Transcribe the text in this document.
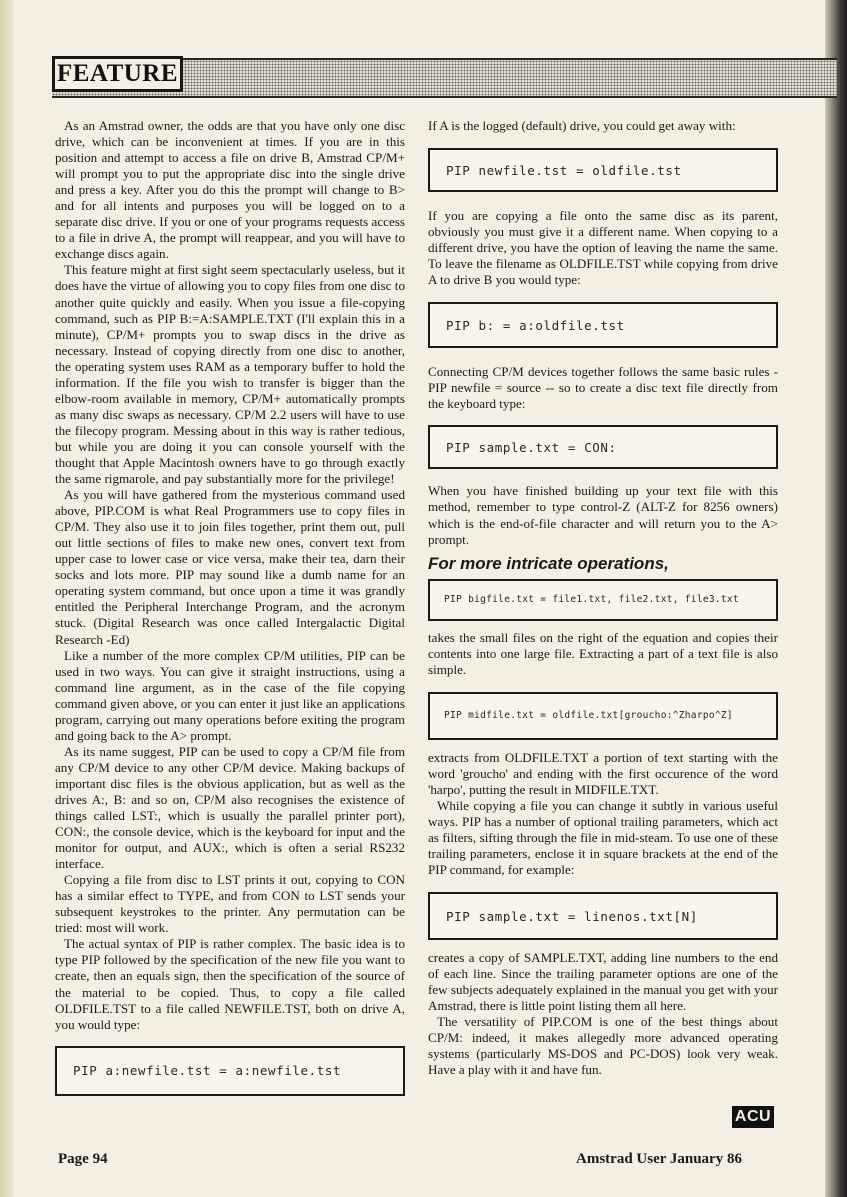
FEATURE

As an Amstrad owner, the odds are that you have only one disc drive, which can be inconvenient at times. If you are in this position and attempt to access a file on drive B, Amstrad CP/M+ will prompt you to put the appropriate disc into the single drive and press a key. After you do this the prompt will change to B> and for all intents and purposes you will be logged on to a separate disc drive. If you or one of your programs requests access to a file in drive A, the prompt will reappear, and you will have to exchange discs again.

This feature might at first sight seem spectacularly useless, but it does have the virtue of allowing you to copy files from one disc to another quite quickly and easily. When you issue a file-copying command, such as PIP B:=A:SAMPLE.TXT (I'll explain this in a minute), CP/M+ prompts you to swap discs in the drive as necessary. Instead of copying directly from one disc to another, the operating system uses RAM as a temporary buffer to hold the information. If the file you wish to transfer is bigger than the elbow-room available in memory, CP/M+ automatically prompts as many disc swaps as necessary. CP/M 2.2 users will have to use the filecopy program. Messing about in this way is rather tedious, but while you are doing it you can console yourself with the thought that Apple Macintosh owners have to go through exactly the same rigmarole, and pay substantially more for the privilege!

As you will have gathered from the mysterious command used above, PIP.COM is what Real Programmers use to copy files in CP/M. They also use it to join files together, print them out, pull out little sections of files to make new ones, convert text from upper case to lower case or vice versa, make their tea, darn their socks and lots more. PIP may sound like a dumb name for an operating system command, but once upon a time it was grandly entitled the Peripheral Interchange Program, and the acronym stuck. (Digital Research was once called Intergalactic Digital Research -Ed)

Like a number of the more complex CP/M utilities, PIP can be used in two ways. You can give it straight instructions, using a command line argument, as in the case of the file copying command given above, or you can enter it just like an applications program, carrying out many operations before exiting the program and going back to the A> prompt.

As its name suggest, PIP can be used to copy a CP/M file from any CP/M device to any other CP/M device. Making backups of important disc files is the obvious application, but as well as the drives A:, B: and so on, CP/M also recognises the existence of things called LST:, which is usually the parallel printer port), CON:, the console device, which is the keyboard for input and the monitor for output, and AUX:, which is often a serial RS232 interface.

Copying a file from disc to LST prints it out, copying to CON has a similar effect to TYPE, and from CON to LST sends your subsequent keystrokes to the printer. Any permutation can be tried: most will work.

The actual syntax of PIP is rather complex. The basic idea is to type PIP followed by the specification of the new file you want to create, then an equals sign, then the specification of the source of the material to be copied. Thus, to copy a file called OLDFILE.TST to a file called NEWFILE.TST, both on drive A, you would type:

PIP a:newfile.tst = a:newfile.tst

If A is the logged (default) drive, you could get away with:

PIP newfile.tst = oldfile.tst

If you are copying a file onto the same disc as its parent, obviously you must give it a different name. When copying to a different drive, you have the option of leaving the name the same. To leave the filename as OLDFILE.TST while copying from drive A to drive B you would type:

PIP b: = a:oldfile.tst

Connecting CP/M devices together follows the same basic rules - PIP newfile = source -- so to create a disc text file directly from the keyboard type:

PIP sample.txt = CON:

When you have finished building up your text file with this method, remember to type control-Z (ALT-Z for 8256 owners) which is the end-of-file character and will return you to the A> prompt.

For more intricate operations,

PIP bigfile.txt = file1.txt, file2.txt, file3.txt

takes the small files on the right of the equation and copies their contents into one large file. Extracting a part of a text file is also simple.

PIP midfile.txt = oldfile.txt[groucho:^Zharpo^Z]

extracts from OLDFILE.TXT a portion of text starting with the word 'groucho' and ending with the first occurence of the word 'harpo', putting the result in MIDFILE.TXT.

While copying a file you can change it subtly in various useful ways. PIP has a number of optional trailing parameters, which act as filters, sifting through the file in mid-steam. To use one of these trailing parameters, enclose it in square brackets at the end of the PIP command, for example:

PIP sample.txt = linenos.txt[N]

creates a copy of SAMPLE.TXT, adding line numbers to the end of each line. Since the trailing parameter options are one of the few subjects adequately explained in the manual you get with your Amstrad, there is little point listing them all here.

The versatility of PIP.COM is one of the best things about CP/M: indeed, it makes allegedly more advanced operating systems (particularly MS-DOS and PC-DOS) look very weak. Have a play with it and have fun.

ACU
Page 94	Amstrad User January 86
